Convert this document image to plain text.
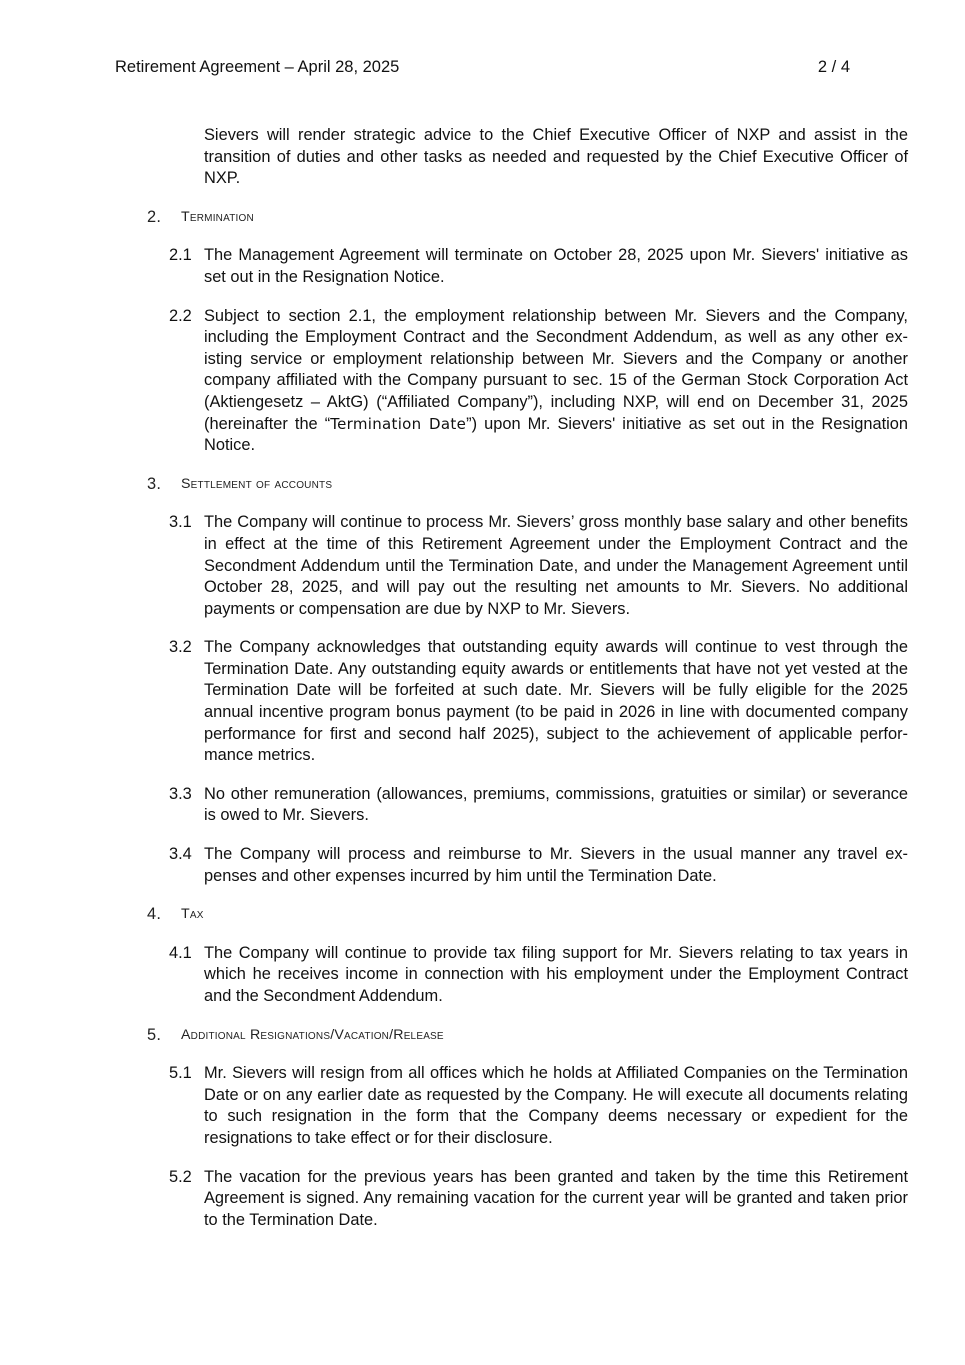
Retirement Agreement – April 28, 2025	2 / 4
Sievers will render strategic advice to the Chief Executive Officer of NXP and assist in the transition of duties and other tasks as needed and requested by the Chief Executive Officer of NXP.
2. Termination
2.1 The Management Agreement will terminate on October 28, 2025 upon Mr. Sievers' initiative as set out in the Resignation Notice.
2.2 Subject to section 2.1, the employment relationship between Mr. Sievers and the Company, including the Employment Contract and the Secondment Addendum, as well as any other existing service or employment relationship between Mr. Sievers and the Company or another company affiliated with the Company pursuant to sec. 15 of the German Stock Corporation Act (Aktiengesetz – AktG) (“Affiliated Company”), including NXP, will end on December 31, 2025 (hereinafter the “Termination Date”) upon Mr. Sievers' initiative as set out in the Resignation Notice.
3. Settlement of accounts
3.1 The Company will continue to process Mr. Sievers’ gross monthly base salary and other benefits in effect at the time of this Retirement Agreement under the Employment Contract and the Secondment Addendum until the Termination Date, and under the Management Agreement until October 28, 2025, and will pay out the resulting net amounts to Mr. Sievers. No additional payments or compensation are due by NXP to Mr. Sievers.
3.2 The Company acknowledges that outstanding equity awards will continue to vest through the Termination Date. Any outstanding equity awards or entitlements that have not yet vested at the Termination Date will be forfeited at such date. Mr. Sievers will be fully eligible for the 2025 annual incentive program bonus payment (to be paid in 2026 in line with documented company performance for first and second half 2025), subject to the achievement of applicable performance metrics.
3.3 No other remuneration (allowances, premiums, commissions, gratuities or similar) or severance is owed to Mr. Sievers.
3.4 The Company will process and reimburse to Mr. Sievers in the usual manner any travel expenses and other expenses incurred by him until the Termination Date.
4. Tax
4.1 The Company will continue to provide tax filing support for Mr. Sievers relating to tax years in which he receives income in connection with his employment under the Employment Contract and the Secondment Addendum.
5. Additional Resignations/Vacation/Release
5.1 Mr. Sievers will resign from all offices which he holds at Affiliated Companies on the Termination Date or on any earlier date as requested by the Company. He will execute all documents relating to such resignation in the form that the Company deems necessary or expedient for the resignations to take effect or for their disclosure.
5.2 The vacation for the previous years has been granted and taken by the time this Retirement Agreement is signed. Any remaining vacation for the current year will be granted and taken prior to the Termination Date.
